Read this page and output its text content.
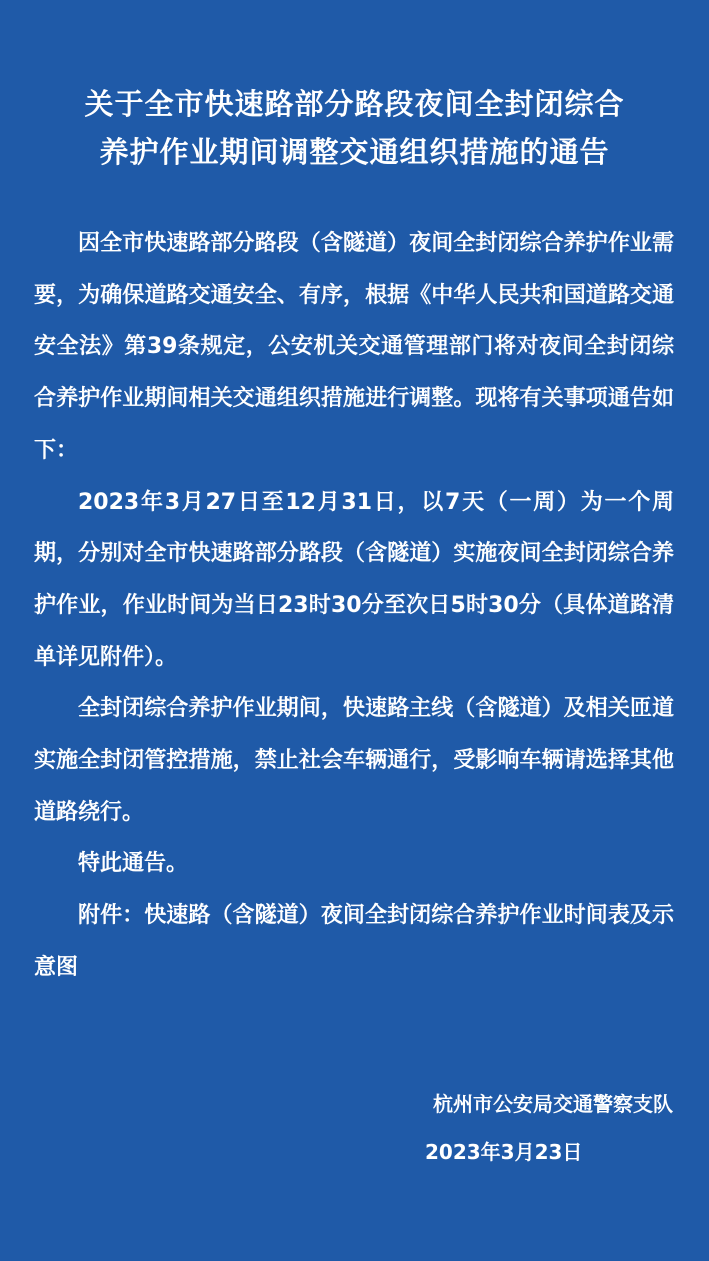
关于全市快速路部分路段夜间全封闭综合
养护作业期间调整交通组织措施的通告

因全市快速路部分路段（含隧道）夜间全封闭综合养护作业需要，为确保道路交通安全、有序，根据《中华人民共和国道路交通安全法》第39条规定，公安机关交通管理部门将对夜间全封闭综合养护作业期间相关交通组织措施进行调整。现将有关事项通告如下：

2023年3月27日至12月31日，以7天（一周）为一个周期，分别对全市快速路部分路段（含隧道）实施夜间全封闭综合养护作业，作业时间为当日23时30分至次日5时30分（具体道路清单详见附件）。

全封闭综合养护作业期间，快速路主线（含隧道）及相关匝道实施全封闭管控措施，禁止社会车辆通行，受影响车辆请选择其他道路绕行。

特此通告。

附件：快速路（含隧道）夜间全封闭综合养护作业时间表及示意图

杭州市公安局交通警察支队
2023年3月23日
